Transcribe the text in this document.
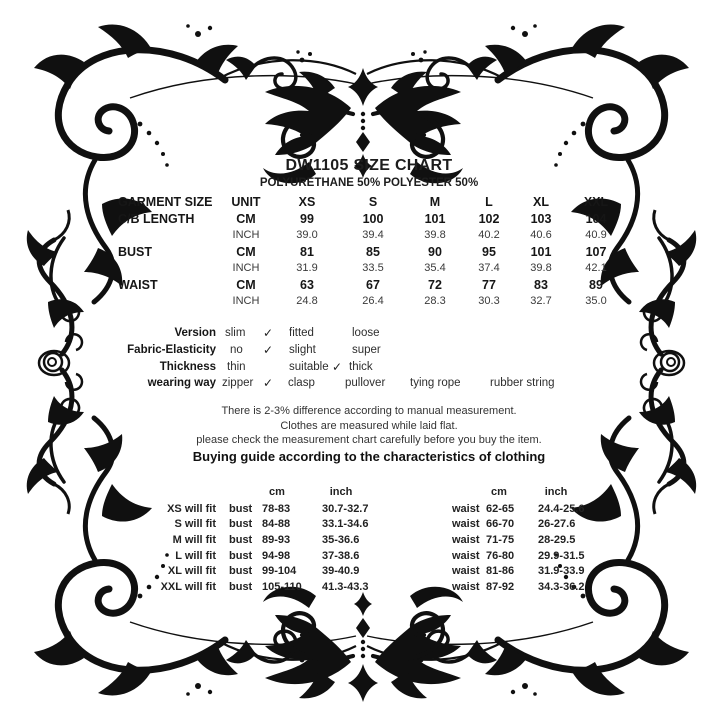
DW1105 SIZE CHART
POLYURETHANE 50% POLYESTER 50%
GARMENT SIZE	UNIT	XS	S	M	L	XL	XXL
C/B LENGTH	CM	99	100	101	102	103	104
INCH	39.0	39.4	39.8	40.2	40.6	40.9
BUST	CM	81	85	90	95	101	107
INCH	31.9	33.5	35.4	37.4	39.8	42.1
WAIST	CM	63	67	72	77	83	89
INCH	24.8	26.4	28.3	30.3	32.7	35.0
Version slim ✓ fitted	loose
Fabric-Elasticity no ✓ slight	super
Thickness thin	suitable ✓ thick
wearing way zipper ✓ clasp	pullover tying rope	rubber string
There is 2-3% difference according to manual measurement.
Clothes are measured while laid flat.
please check the measurement chart carefully before you buy the item.
Buying guide according to the characteristics of clothing
cm	inch	cm	inch
XS will fit bust 78-83	30.7-32.7	waist 62-65 24.4-25.6
S will fit bust 84-88	33.1-34.6	waist 66-70 26-27.6
M will fit bust 89-93	35-36.6	waist 71-75 28-29.5
L will fit bust 94-98	37-38.6	waist 76-80 29.9-31.5
XL will fit bust 99-104 39-40.9	waist 81-86 31.9-33.9
XXL will fit bust 105-110 41.3-43.3	waist 87-92 34.3-36.2
